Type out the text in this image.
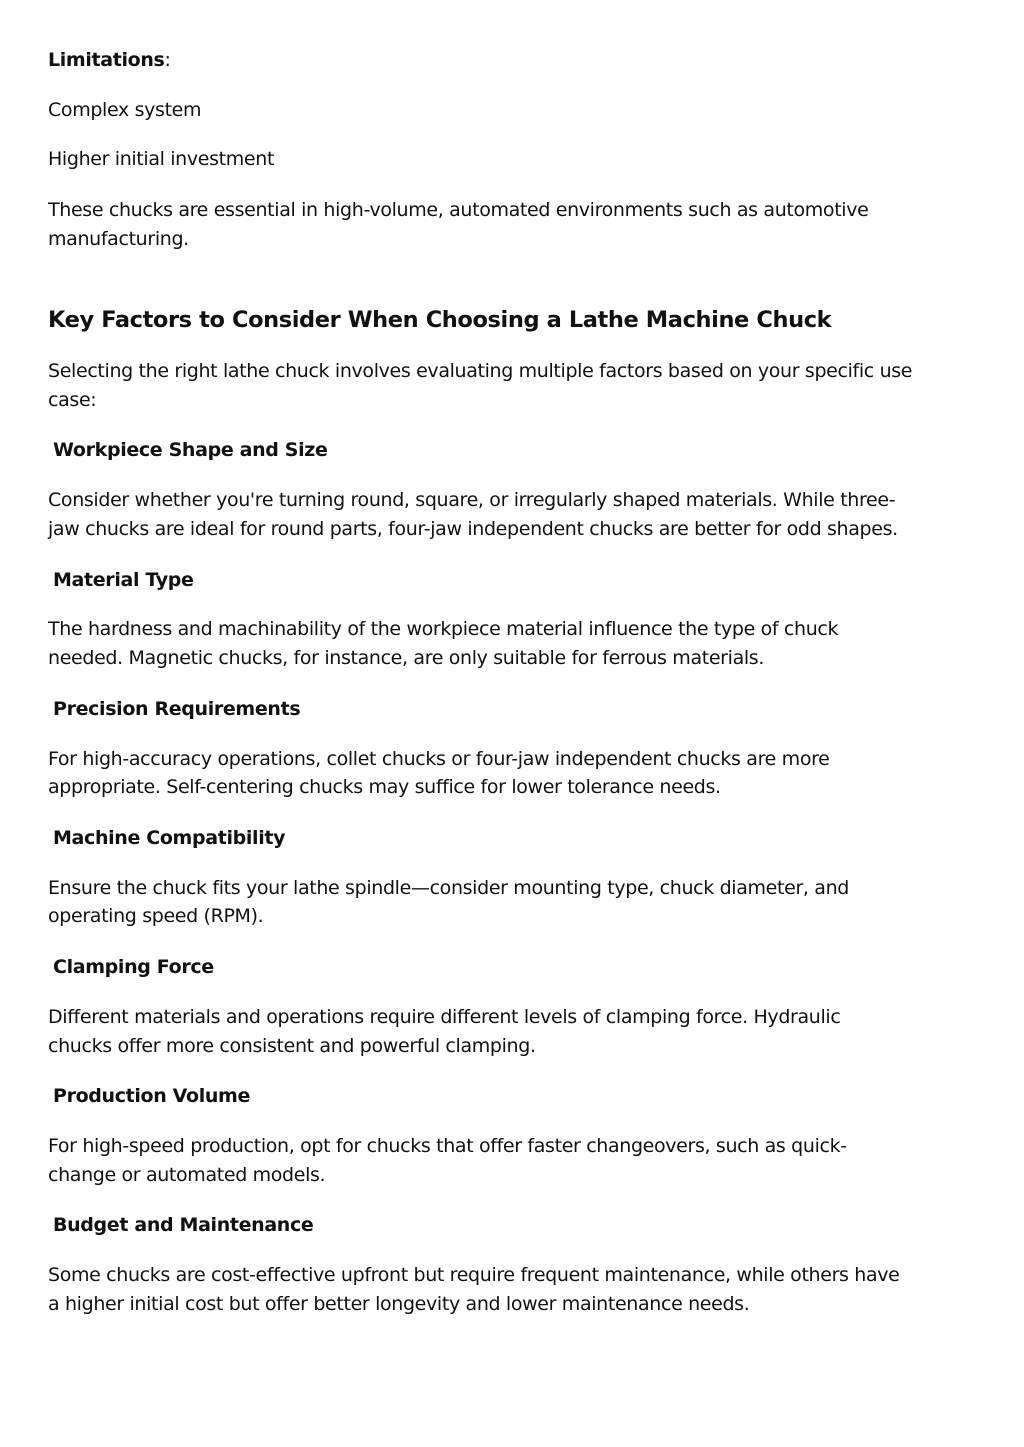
Limitations:

Complex system

Higher initial investment

These chucks are essential in high-volume, automated environments such as automotive

manufacturing.

Key Factors to Consider When Choosing a Lathe Machine Chuck

Selecting the right lathe chuck involves evaluating multiple factors based on your specific use

case:

Workpiece Shape and Size

Consider whether you're turning round, square, or irregularly shaped materials. While three-

jaw chucks are ideal for round parts, four-jaw independent chucks are better for odd shapes.

Material Type

The hardness and machinability of the workpiece material influence the type of chuck

needed. Magnetic chucks, for instance, are only suitable for ferrous materials.

Precision Requirements

For high-accuracy operations, collet chucks or four-jaw independent chucks are more

appropriate. Self-centering chucks may suffice for lower tolerance needs.

Machine Compatibility

Ensure the chuck fits your lathe spindle—consider mounting type, chuck diameter, and

operating speed (RPM).

Clamping Force

Different materials and operations require different levels of clamping force. Hydraulic

chucks offer more consistent and powerful clamping.

Production Volume

For high-speed production, opt for chucks that offer faster changeovers, such as quick-

change or automated models.

Budget and Maintenance

Some chucks are cost-effective upfront but require frequent maintenance, while others have

a higher initial cost but offer better longevity and lower maintenance needs.
